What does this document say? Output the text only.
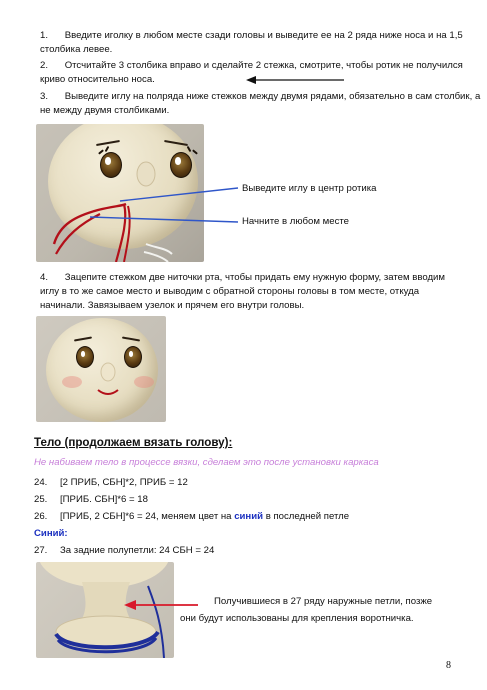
1. Введите иголку в любом месте сзади головы и выведите ее на 2 ряда ниже носа и на 1,5
столбика левее.
2. Отсчитайте 3 столбика вправо и сделайте 2 стежка, смотрите, чтобы ротик не получился
криво относительно носа.
3. Выведите иглу на полряда ниже стежков между двумя рядами, обязательно в сам столбик, а
не между двумя столбиками.
Выведите иглу в центр ротика
Начните в любом месте
4. Зацепите стежком две ниточки рта, чтобы придать ему нужную форму, затем вводим
иглу в то же самое место и выводим с обратной стороны головы в том месте, откуда
начинали. Завязываем узелок и прячем его внутри головы.
Тело (продолжаем вязать голову):
Не набиваем тело в процессе вязки, сделаем это после установки каркаса
24. [2 ПРИБ, СБН]*2, ПРИБ = 12
25. [ПРИБ. СБН]*6 = 18
26. [ПРИБ, 2 СБН]*6 = 24, меняем цвет на синий в последней петле
Синий:
27. За задние полупетли: 24 СБН = 24
Получившиеся в 27 ряду наружные петли, позже
они будут использованы для крепления воротничка.
8
